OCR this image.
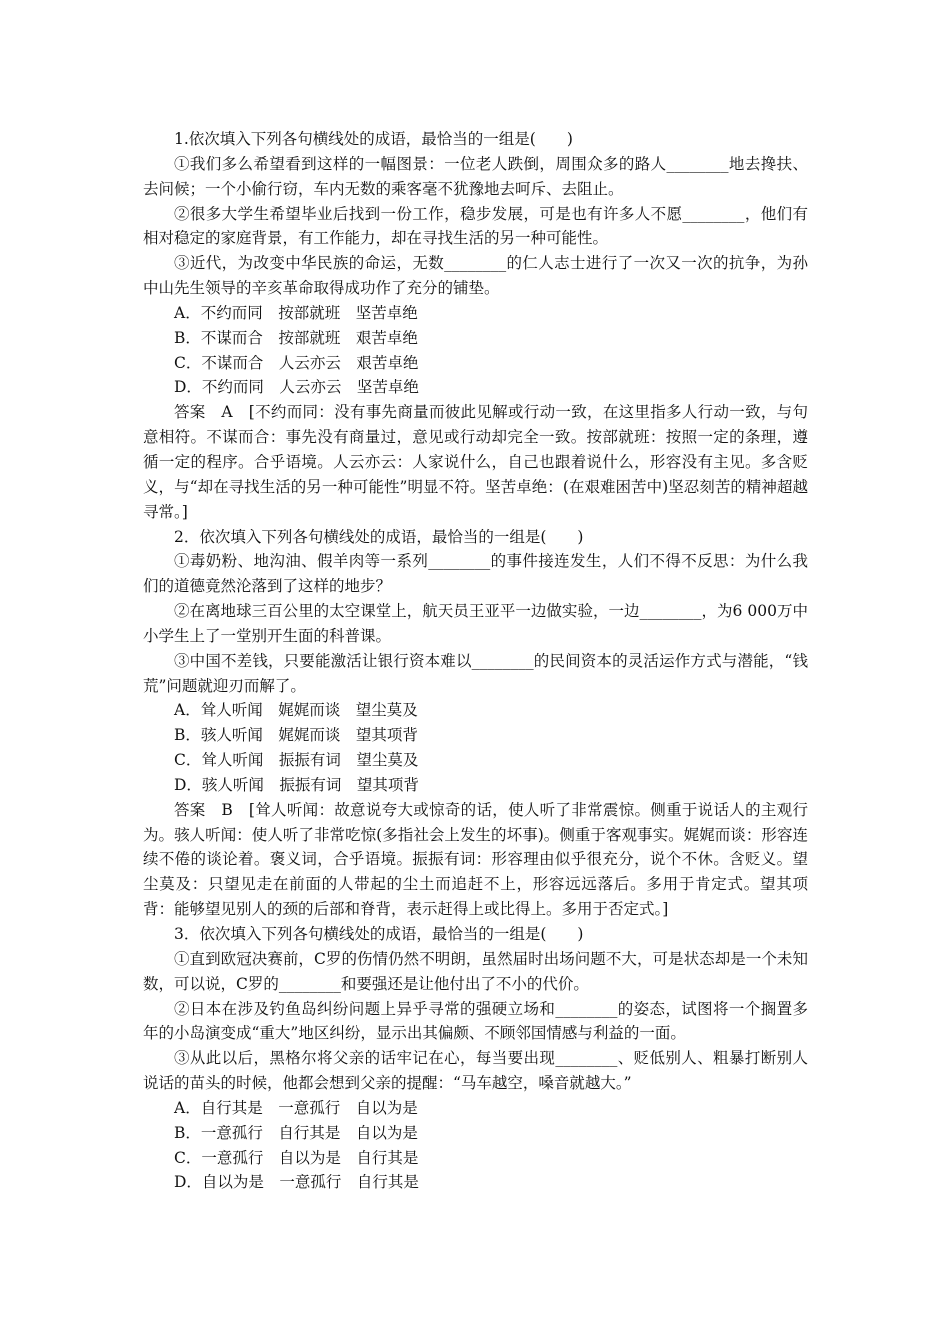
1.依次填入下列各句横线处的成语，最恰当的一组是(　　)

①我们多么希望看到这样的一幅图景：一位老人跌倒，周围众多的路人________地去搀扶、去问候；一个小偷行窃，车内无数的乘客毫不犹豫地去呵斥、去阻止。

②很多大学生希望毕业后找到一份工作，稳步发展，可是也有许多人不愿________，他们有相对稳定的家庭背景，有工作能力，却在寻找生活的另一种可能性。

③近代，为改变中华民族的命运，无数________的仁人志士进行了一次又一次的抗争，为孙中山先生领导的辛亥革命取得成功作了充分的铺垫。

A．不约而同　按部就班　坚苦卓绝

B．不谋而合　按部就班　艰苦卓绝

C．不谋而合　人云亦云　艰苦卓绝

D．不约而同　人云亦云　坚苦卓绝

答案　A　[不约而同：没有事先商量而彼此见解或行动一致，在这里指多人行动一致，与句意相符。不谋而合：事先没有商量过，意见或行动却完全一致。按部就班：按照一定的条理，遵循一定的程序。合乎语境。人云亦云：人家说什么，自己也跟着说什么，形容没有主见。多含贬义，与“却在寻找生活的另一种可能性”明显不符。坚苦卓绝：(在艰难困苦中)坚忍刻苦的精神超越寻常。]

2．依次填入下列各句横线处的成语，最恰当的一组是(　　)

①毒奶粉、地沟油、假羊肉等一系列________的事件接连发生，人们不得不反思：为什么我们的道德竟然沦落到了这样的地步？

②在离地球三百公里的太空课堂上，航天员王亚平一边做实验，一边________，为6 000万中小学生上了一堂别开生面的科普课。

③中国不差钱，只要能激活让银行资本难以________的民间资本的灵活运作方式与潜能，“钱荒”问题就迎刃而解了。

A．耸人听闻　娓娓而谈　望尘莫及

B．骇人听闻　娓娓而谈　望其项背

C．耸人听闻　振振有词　望尘莫及

D．骇人听闻　振振有词　望其项背

答案　B　[耸人听闻：故意说夸大或惊奇的话，使人听了非常震惊。侧重于说话人的主观行为。骇人听闻：使人听了非常吃惊(多指社会上发生的坏事)。侧重于客观事实。娓娓而谈：形容连续不倦的谈论着。褒义词，合乎语境。振振有词：形容理由似乎很充分，说个不休。含贬义。望尘莫及：只望见走在前面的人带起的尘土而追赶不上，形容远远落后。多用于肯定式。望其项背：能够望见别人的颈的后部和脊背，表示赶得上或比得上。多用于否定式。]

3．依次填入下列各句横线处的成语，最恰当的一组是(　　)

①直到欧冠决赛前，C罗的伤情仍然不明朗，虽然届时出场问题不大，可是状态却是一个未知数，可以说，C罗的________和要强还是让他付出了不小的代价。

②日本在涉及钓鱼岛纠纷问题上异乎寻常的强硬立场和________的姿态，试图将一个搁置多年的小岛演变成“重大”地区纠纷，显示出其偏颇、不顾邻国情感与利益的一面。

③从此以后，黑格尔将父亲的话牢记在心，每当要出现________、贬低别人、粗暴打断别人说话的苗头的时候，他都会想到父亲的提醒：“马车越空，嗓音就越大。”

A．自行其是　一意孤行　自以为是

B．一意孤行　自行其是　自以为是

C．一意孤行　自以为是　自行其是

D．自以为是　一意孤行　自行其是
